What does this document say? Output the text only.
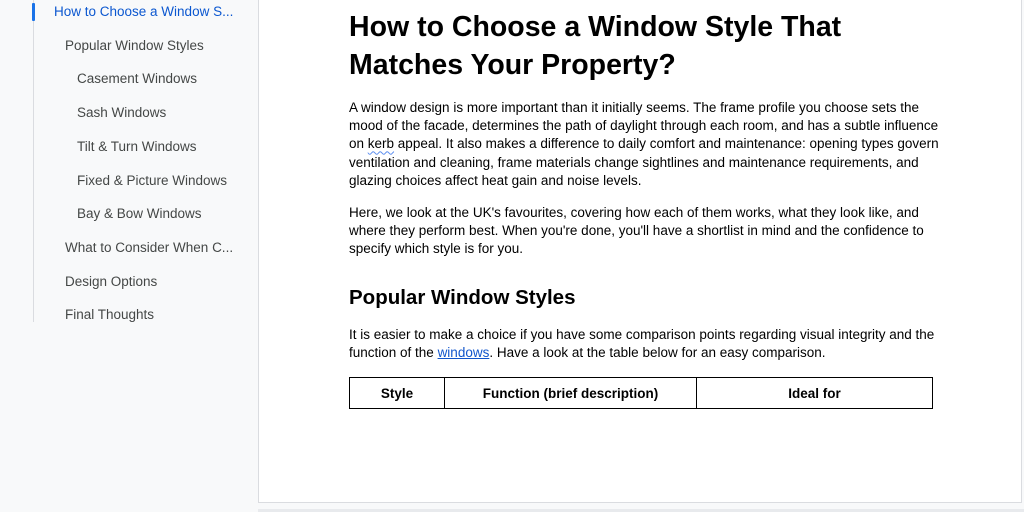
How to Choose a Window S...
Popular Window Styles
Casement Windows
Sash Windows
Tilt & Turn Windows
Fixed & Picture Windows
Bay & Bow Windows
What to Consider When C...
Design Options
Final Thoughts
How to Choose a Window Style That Matches Your Property?

A window design is more important than it initially seems. The frame profile you choose sets the mood of the facade, determines the path of daylight through each room, and has a subtle influence on kerb appeal. It also makes a difference to daily comfort and maintenance: opening types govern ventilation and cleaning, frame materials change sightlines and maintenance requirements, and glazing choices affect heat gain and noise levels.

Here, we look at the UK's favourites, covering how each of them works, what they look like, and where they perform best. When you're done, you'll have a shortlist in mind and the confidence to specify which style is for you.

Popular Window Styles

It is easier to make a choice if you have some comparison points regarding visual integrity and the function of the windows. Have a look at the table below for an easy comparison.

Style	Function (brief description)	Ideal for
